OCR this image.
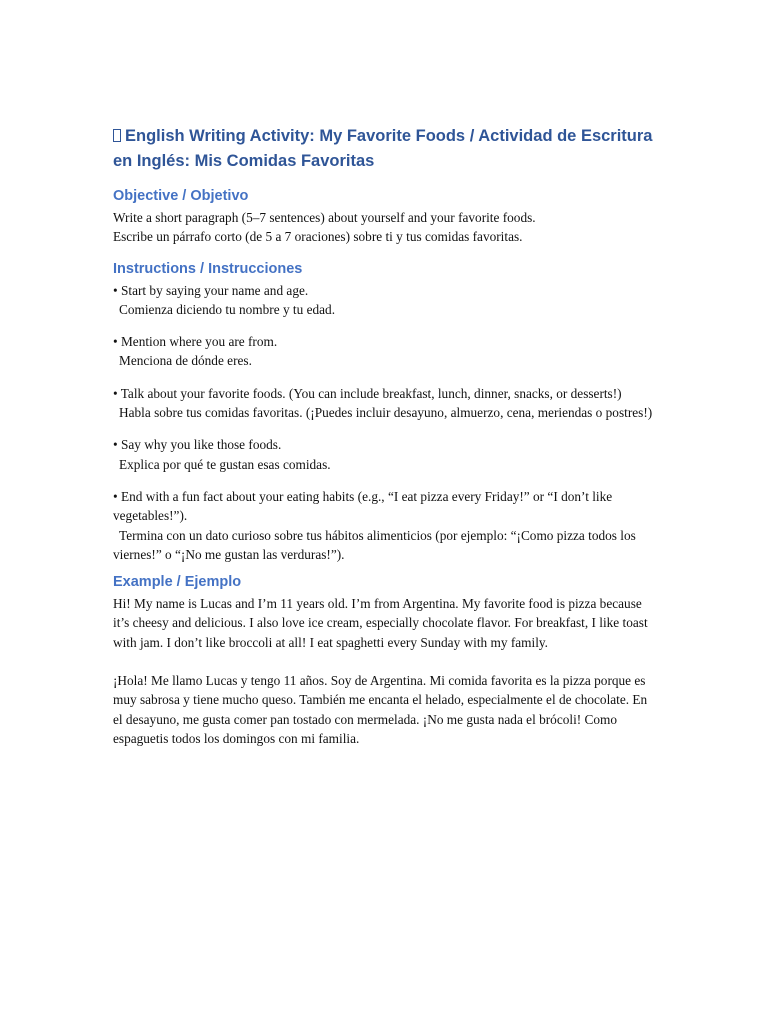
English Writing Activity: My Favorite Foods / Actividad de Escritura en Inglés: Mis Comidas Favoritas
Objective / Objetivo

Write a short paragraph (5–7 sentences) about yourself and your favorite foods.
Escribe un párrafo corto (de 5 a 7 oraciones) sobre ti y tus comidas favoritas.

Instructions / Instrucciones

• Start by saying your name and age.
Comienza diciendo tu nombre y tu edad.

• Mention where you are from.
Menciona de dónde eres.

• Talk about your favorite foods. (You can include breakfast, lunch, dinner, snacks, or desserts!)
Habla sobre tus comidas favoritas. (¡Puedes incluir desayuno, almuerzo, cena, meriendas o postres!)

• Say why you like those foods.
Explica por qué te gustan esas comidas.

• End with a fun fact about your eating habits (e.g., “I eat pizza every Friday!” or “I don’t like vegetables!”).
Termina con un dato curioso sobre tus hábitos alimenticios (por ejemplo: “¡Como pizza todos los viernes!” o “¡No me gustan las verduras!”).

Example / Ejemplo

Hi! My name is Lucas and I’m 11 years old. I’m from Argentina. My favorite food is pizza because it’s cheesy and delicious. I also love ice cream, especially chocolate flavor. For breakfast, I like toast with jam. I don’t like broccoli at all! I eat spaghetti every Sunday with my family.

¡Hola! Me llamo Lucas y tengo 11 años. Soy de Argentina. Mi comida favorita es la pizza porque es muy sabrosa y tiene mucho queso. También me encanta el helado, especialmente el de chocolate. En el desayuno, me gusta comer pan tostado con mermelada. ¡No me gusta nada el brócoli! Como espaguetis todos los domingos con mi familia.
